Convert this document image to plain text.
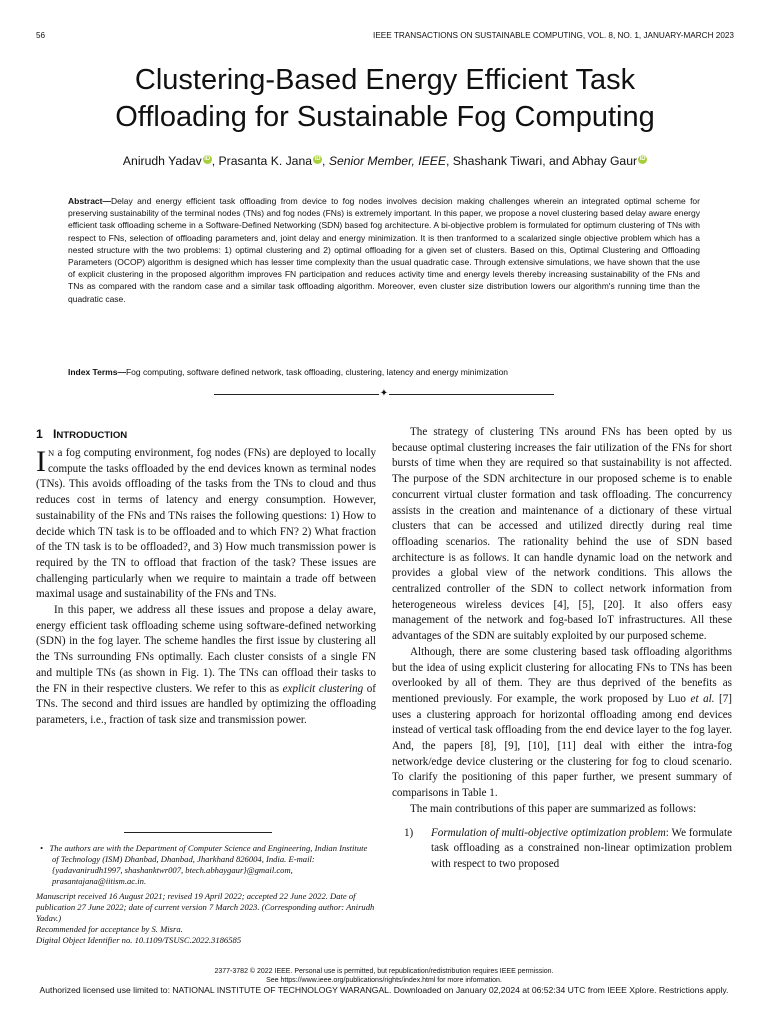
56	IEEE TRANSACTIONS ON SUSTAINABLE COMPUTING, VOL. 8, NO. 1, JANUARY-MARCH 2023
Clustering-Based Energy Efficient Task
Offloading for Sustainable Fog Computing
Anirudh Yadav iD , Prasanta K. Jana iD , Senior Member, IEEE, Shashank Tiwari, and Abhay Gaur iD

Abstract—Delay and energy efficient task offloading from device to fog nodes involves decision making challenges wherein an integrated optimal scheme for preserving sustainability of the terminal nodes (TNs) and fog nodes (FNs) is extremely important. In this paper, we propose a novel clustering based delay aware energy efficient task offloading scheme in a Software-Defined Networking (SDN) based fog architecture. A bi-objective problem is formulated for optimum clustering of TNs with respect to FNs, selection of offloading parameters and, joint delay and energy minimization. It is then tranformed to a scalarized single objective problem which has a nested structure with the two problems: 1) optimal clustering and 2) optimal offloading for a given set of clusters. Based on this, Optimal Clustering and Offloading Parameters (OCOP) algorithm is designed which has lesser time complexity than the usual quadratic case. Through extensive simulations, we have shown that the use of explicit clustering in the proposed algorithm improves FN participation and reduces activity time and energy levels thereby increasing sustainability of the FNs and TNs as compared with the random case and a similar task offloading algorithm. Moreover, even cluster size distribution lowers our algorithm's running time than the quadratic case.

Index Terms—Fog computing, software defined network, task offloading, clustering, latency and energy minimization

✦
1 INTRODUCTION

I N a fog computing environment, fog nodes (FNs) are deployed to locally compute the tasks offloaded by the end devices known as terminal nodes (TNs). This avoids offloading of the tasks from the TNs to cloud and thus reduces cost in terms of latency and energy consumption. However, sustainability of the FNs and TNs raises the following questions: 1) How to decide which TN task is to be offloaded and to which FN? 2) What fraction of the TN task is to be offloaded?, and 3) How much transmission power is required by the TN to offload that fraction of the task? These issues are challenging particularly when we require to maintain a trade off between maximal usage and sustainability of the FNs and TNs.

In this paper, we address all these issues and propose a delay aware, energy efficient task offloading scheme using software-defined networking (SDN) in the fog layer. The scheme handles the first issue by clustering all the TNs surrounding FNs optimally. Each cluster consists of a single FN and multiple TNs (as shown in Fig. 1). The TNs can offload their tasks to the FN in their respective clusters. We refer to this as explicit clustering of TNs. The second and third issues are handled by optimizing the offloading parameters, i.e., fraction of task size and transmission power.

• The authors are with the Department of Computer Science and Engineering, Indian Institute of Technology (ISM) Dhanbad, Dhanbad, Jharkhand 826004, India. E-mail: {yadavanirudh1997, shashanktwr007, btech.abhaygaur}@gmail.com, prasantajana@iitism.ac.in.

Manuscript received 16 August 2021; revised 19 April 2022; accepted 22 June 2022. Date of publication 27 June 2022; date of current version 7 March 2023. (Corresponding author: Anirudh Yadav.)

Recommended for acceptance by S. Misra.

Digital Object Identifier no. 10.1109/TSUSC.2022.3186585

The strategy of clustering TNs around FNs has been opted by us because optimal clustering increases the fair utilization of the FNs for short bursts of time when they are required so that sustainability is not affected. The purpose of the SDN architecture in our proposed scheme is to enable concurrent virtual cluster formation and task offloading. The concurrency assists in the creation and maintenance of a dictionary of these virtual clusters that can be accessed and utilized directly during real time offloading scenarios. The rationality behind the use of SDN based architecture is as follows. It can handle dynamic load on the network and provides a global view of the network conditions. This allows the centralized controller of the SDN to collect network information from heterogeneous wireless devices [4], [5], [20]. It also offers easy management of the network and fog-based IoT infrastructures. All these advantages of the SDN are suitably exploited by our purposed scheme.

Although, there are some clustering based task offloading algorithms but the idea of using explicit clustering for allocating FNs to TNs has been overlooked by all of them. They are thus deprived of the benefits as mentioned previously. For example, the work proposed by Luo et al. [7] uses a clustering approach for horizontal offloading among end devices instead of vertical task offloading from the end device layer to the fog layer. And, the papers [8], [9], [10], [11] deal with either the intra-fog network/edge device clustering or the clustering for fog to cloud scenario. To clarify the positioning of this paper further, we present summary of comparisons in Table 1.

The main contributions of this paper are summarized as follows:

1) Formulation of multi-objective optimization problem: We formulate task offloading as a constrained non-linear optimization problem with respect to two proposed

2377-3782 © 2022 IEEE. Personal use is permitted, but republication/redistribution requires IEEE permission.
See https://www.ieee.org/publications/rights/index.html for more information.
Authorized licensed use limited to: NATIONAL INSTITUTE OF TECHNOLOGY WARANGAL. Downloaded on January 02,2024 at 06:52:34 UTC from IEEE Xplore. Restrictions apply.
